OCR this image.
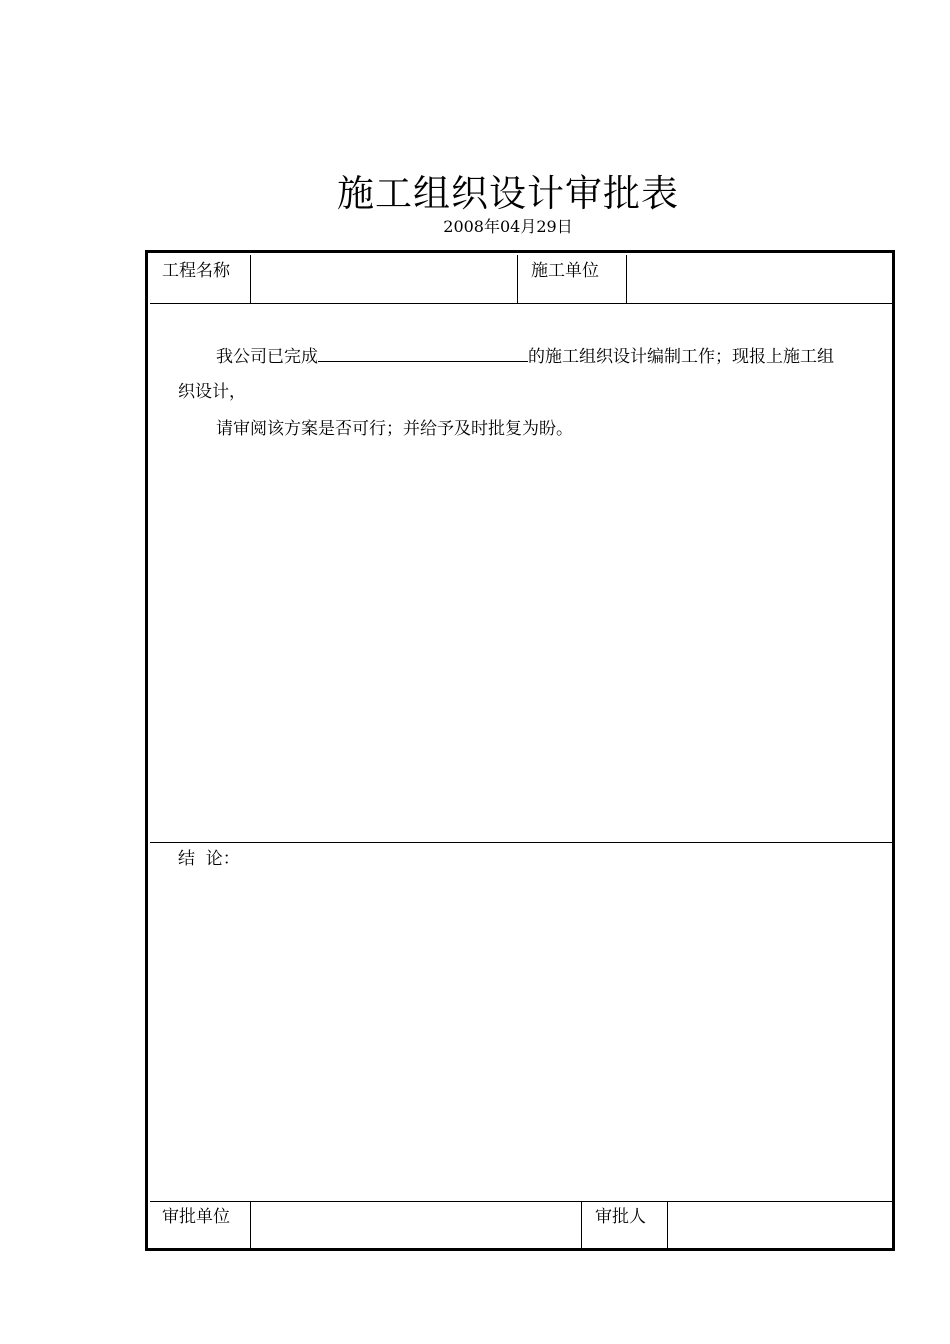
施工组织设计审批表
2008年04月29日
工程名称	施工单位
我公司已完成	的施工组织设计编制工作；现报上施工组
织设计，
请审阅该方案是否可行；并给予及时批复为盼。
结  论：
审批单位	审批人
